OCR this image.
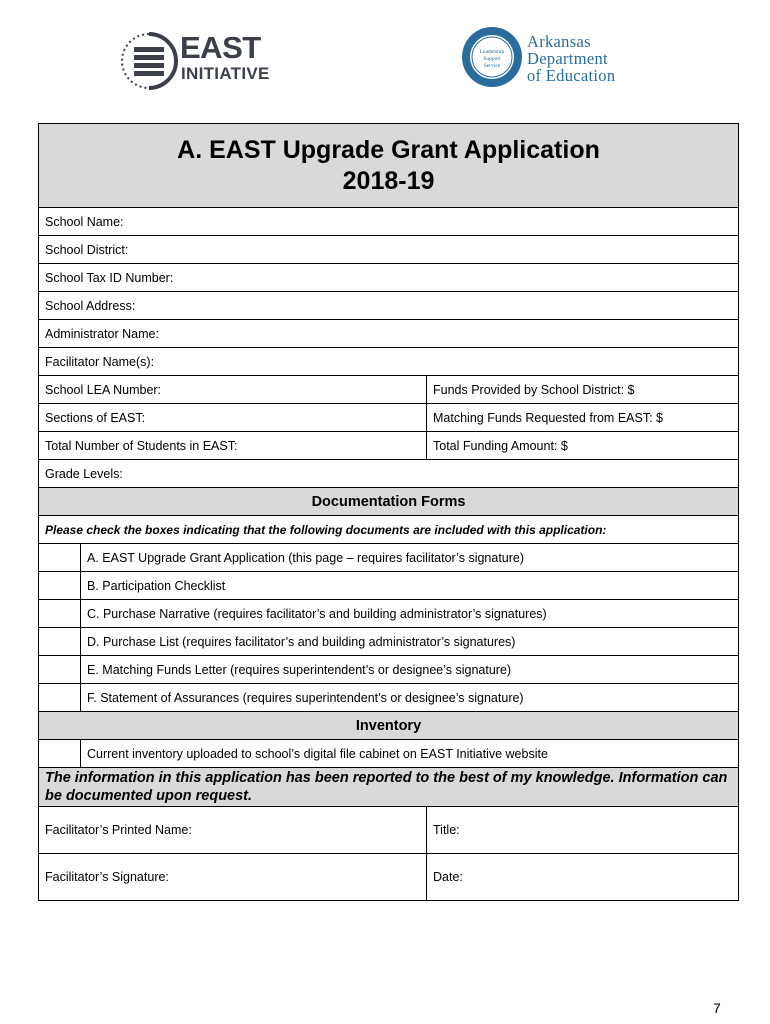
EAST
INITIATIVE
Leadership
Support
Service
Arkansas
Department
of Education
A. EAST Upgrade Grant Application
2018-19		

School Name:		
School District:		
School Tax ID Number:		
School Address:		
Administrator Name:		
Facilitator Name(s):		
School LEA Number:		Funds Provided by School District: $
Sections of EAST:		Matching Funds Requested from EAST: $
Total Number of Students in EAST:		Total Funding Amount: $
Grade Levels:		
Documentation Forms		
Please check the boxes indicating that the following documents are included with this application:		
	A. EAST Upgrade Grant Application (this page – requires facilitator’s signature)	
	B. Participation Checklist	
	C. Purchase Narrative (requires facilitator’s and building administrator’s signatures)	
	D. Purchase List (requires facilitator’s and building administrator’s signatures)	
	E. Matching Funds Letter (requires superintendent’s or designee’s signature)	
	F. Statement of Assurances (requires superintendent’s or designee’s signature)	
Inventory		
	Current inventory uploaded to school’s digital file cabinet on EAST Initiative website	
The information in this application has been reported to the best of my knowledge. Information can be documented upon request.		
Facilitator’s Printed Name:		Title:
Facilitator’s Signature:		Date:
7
